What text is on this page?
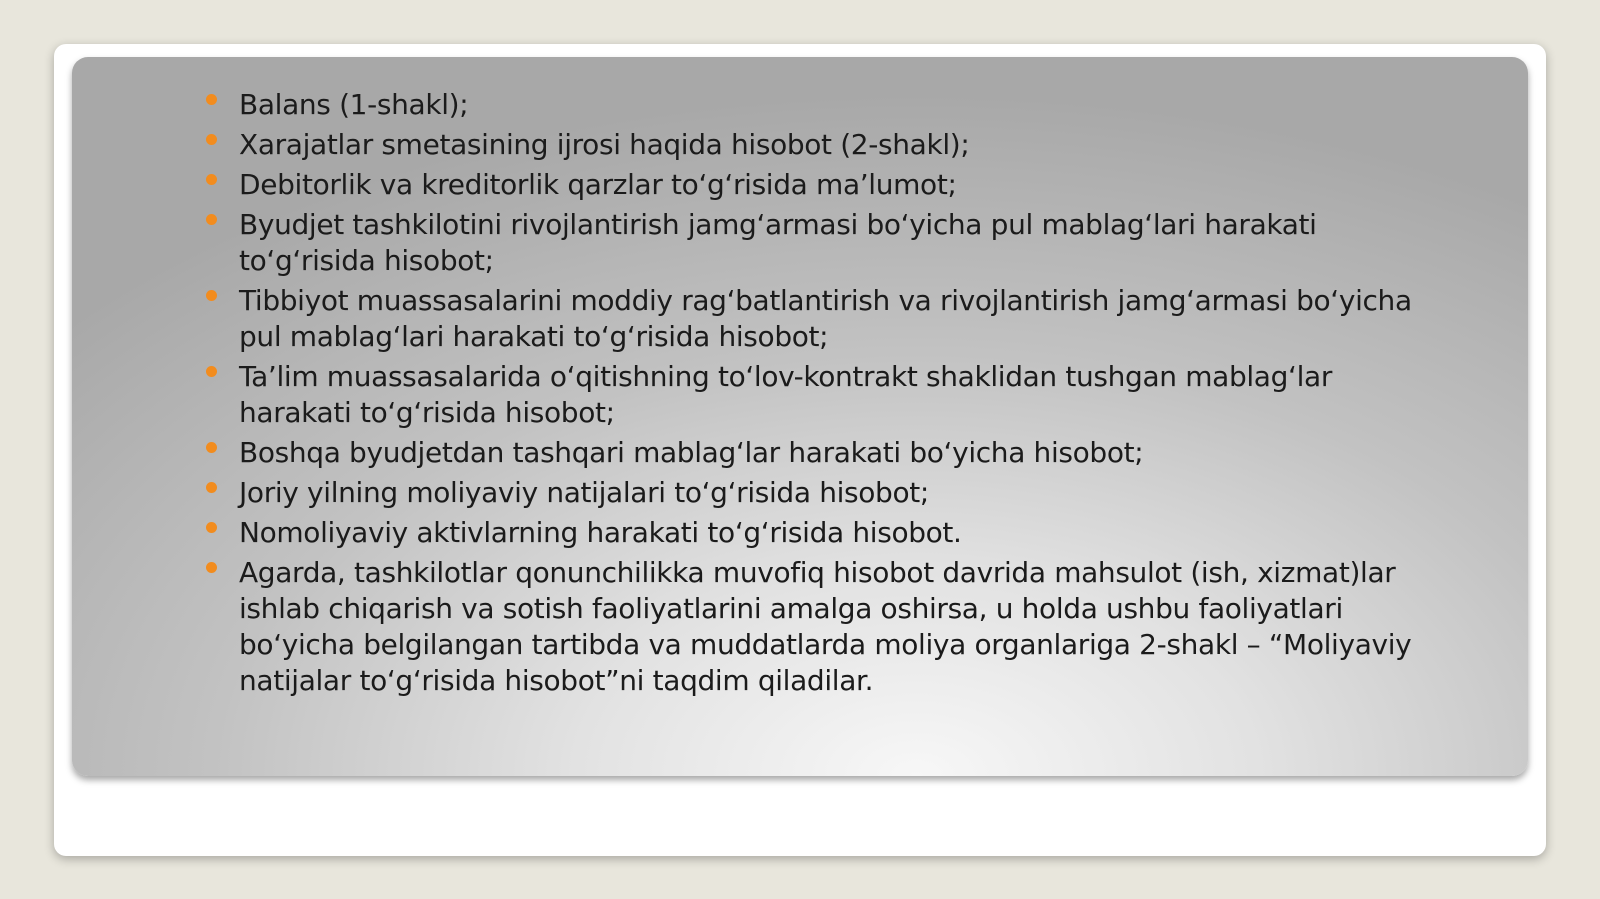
Balans (1-shakl);
Xarajatlar smetasining ijrosi haqida hisobot (2-shakl);
Debitorlik va kreditorlik qarzlar to‘g‘risida ma’lumot;
Byudjet tashkilotini rivojlantirish jamg‘armasi bo‘yicha pul mablag‘lari harakati to‘g‘risida hisobot;
Tibbiyot muassasalarini moddiy rag‘batlantirish va rivojlantirish jamg‘armasi bo‘yicha pul mablag‘lari harakati to‘g‘risida hisobot;
Ta’lim muassasalarida o‘qitishning to‘lov-kontrakt shaklidan tushgan mablag‘lar harakati to‘g‘risida hisobot;
Boshqa byudjetdan tashqari mablag‘lar harakati bo‘yicha hisobot;
Joriy yilning moliyaviy natijalari to‘g‘risida hisobot;
Nomoliyaviy aktivlarning harakati to‘g‘risida hisobot.
Agarda, tashkilotlar qonunchilikka muvofiq hisobot davrida mahsulot (ish, xizmat)lar ishlab chiqarish va sotish faoliyatlarini amalga oshirsa, u holda ushbu faoliyatlari bo‘yicha belgilangan tartibda va muddatlarda moliya organlariga 2-shakl – “Moliyaviy natijalar to‘g‘risida hisobot”ni taqdim qiladilar.
